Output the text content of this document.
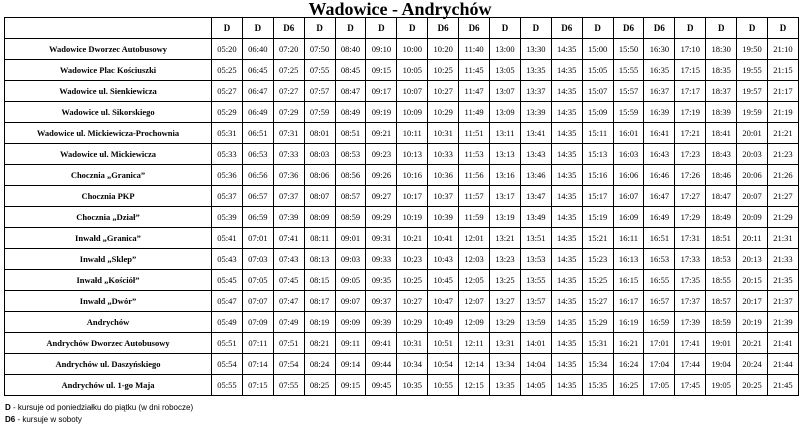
Wadowice - Andrychów
	D	D	D6	D	D	D	D	D6	D6	D	D	D6	D	D6	D6	D	D	D	D
Wadowice Dworzec Autobusowy	05:20	06:40	07:20	07:50	08:40	09:10	10:00	10:20	11:40	13:00	13:30	14:35	15:00	15:50	16:30	17:10	18:30	19:50	21:10
Wadowice Plac Kościuszki	05:25	06:45	07:25	07:55	08:45	09:15	10:05	10:25	11:45	13:05	13:35	14:35	15:05	15:55	16:35	17:15	18:35	19:55	21:15
Wadowice ul. Sienkiewicza	05:27	06:47	07:27	07:57	08:47	09:17	10:07	10:27	11:47	13:07	13:37	14:35	15:07	15:57	16:37	17:17	18:37	19:57	21:17
Wadowice ul. Sikorskiego	05:29	06:49	07:29	07:59	08:49	09:19	10:09	10:29	11:49	13:09	13:39	14:35	15:09	15:59	16:39	17:19	18:39	19:59	21:19
Wadowice ul. Mickiewicza-Prochownia	05:31	06:51	07:31	08:01	08:51	09:21	10:11	10:31	11:51	13:11	13:41	14:35	15:11	16:01	16:41	17:21	18:41	20:01	21:21
Wadowice ul. Mickiewicza	05:33	06:53	07:33	08:03	08:53	09:23	10:13	10:33	11:53	13:13	13:43	14:35	15:13	16:03	16:43	17:23	18:43	20:03	21:23
Chocznia „Granica”	05:36	06:56	07:36	08:06	08:56	09:26	10:16	10:36	11:56	13:16	13:46	14:35	15:16	16:06	16:46	17:26	18:46	20:06	21:26
Chocznia PKP	05:37	06:57	07:37	08:07	08:57	09:27	10:17	10:37	11:57	13:17	13:47	14:35	15:17	16:07	16:47	17:27	18:47	20:07	21:27
Chocznia „Dział”	05:39	06:59	07:39	08:09	08:59	09:29	10:19	10:39	11:59	13:19	13:49	14:35	15:19	16:09	16:49	17:29	18:49	20:09	21:29
Inwałd „Granica”	05:41	07:01	07:41	08:11	09:01	09:31	10:21	10:41	12:01	13:21	13:51	14:35	15:21	16:11	16:51	17:31	18:51	20:11	21:31
Inwałd „Sklep”	05:43	07:03	07:43	08:13	09:03	09:33	10:23	10:43	12:03	13:23	13:53	14:35	15:23	16:13	16:53	17:33	18:53	20:13	21:33
Inwałd „Kościół”	05:45	07:05	07:45	08:15	09:05	09:35	10:25	10:45	12:05	13:25	13:55	14:35	15:25	16:15	16:55	17:35	18:55	20:15	21:35
Inwałd „Dwór”	05:47	07:07	07:47	08:17	09:07	09:37	10:27	10:47	12:07	13:27	13:57	14:35	15:27	16:17	16:57	17:37	18:57	20:17	21:37
Andrychów	05:49	07:09	07:49	08:19	09:09	09:39	10:29	10:49	12:09	13:29	13:59	14:35	15:29	16:19	16:59	17:39	18:59	20:19	21:39
Andrychów Dworzec Autobusowy	05:51	07:11	07:51	08:21	09:11	09:41	10:31	10:51	12:11	13:31	14:01	14:35	15:31	16:21	17:01	17:41	19:01	20:21	21:41
Andrychów ul. Daszyńskiego	05:54	07:14	07:54	08:24	09:14	09:44	10:34	10:54	12:14	13:34	14:04	14:35	15:34	16:24	17:04	17:44	19:04	20:24	21:44
Andrychów ul. 1-go Maja	05:55	07:15	07:55	08:25	09:15	09:45	10:35	10:55	12:15	13:35	14:05	14:35	15:35	16:25	17:05	17:45	19:05	20:25	21:45
D - kursuje od poniedziałku do piątku (w dni robocze)
D6 - kursuje w soboty
